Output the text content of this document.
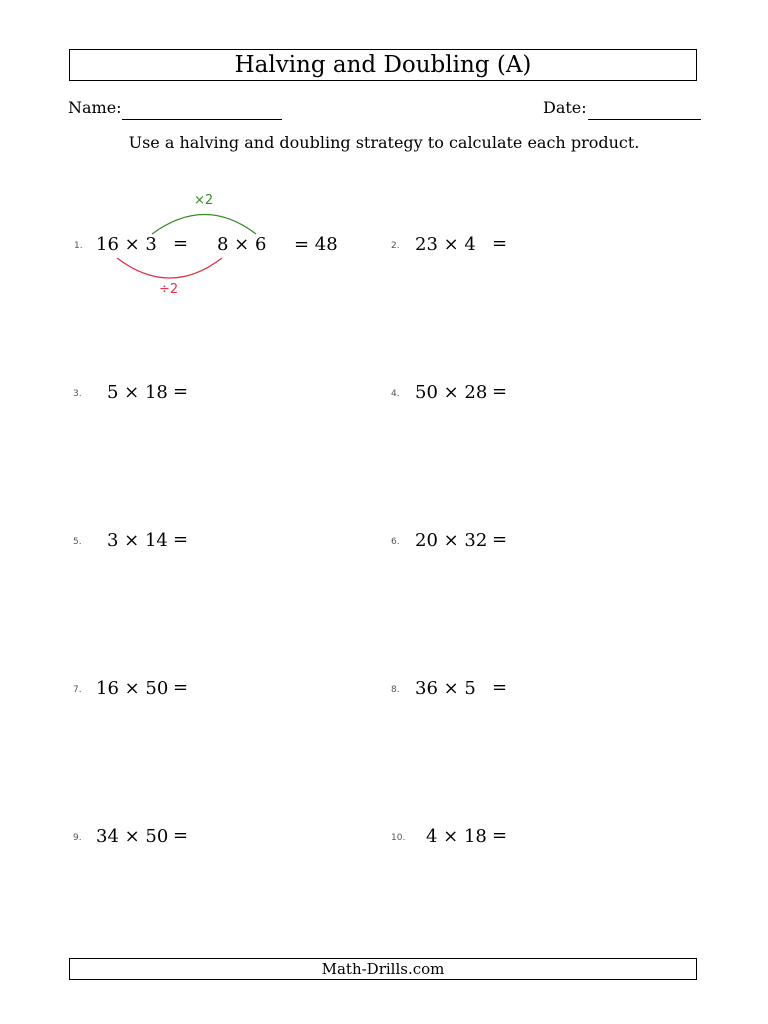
Halving and Doubling (A)
Name:	Date:
Use a halving and doubling strategy to calculate each product.
1. 16 × 3 = 8 × 6 = 48
×2
÷2
2. 23 × 4 =
3. 5 × 18 =	4. 50 × 28 =
5. 3 × 14 =	6. 20 × 32 =
7. 16 × 50 =	8. 36 × 5 =
9. 34 × 50 =	10. 4 × 18 =
Math-Drills.com
